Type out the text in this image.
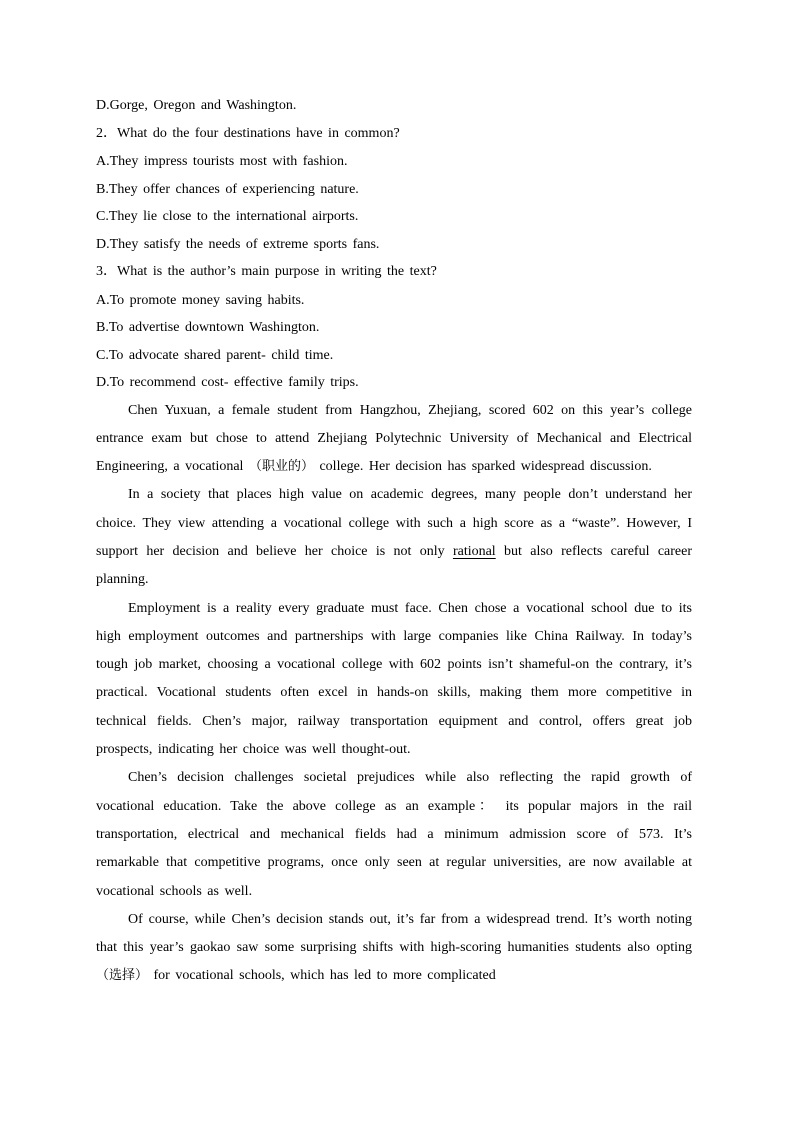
D.Gorge, Oregon and Washington.
2．What do the four destinations have in common?
A.They impress tourists most with fashion.
B.They offer chances of experiencing nature.
C.They lie close to the international airports.
D.They satisfy the needs of extreme sports fans.
3．What is the author’s main purpose in writing the text?
A.To promote money saving habits.
B.To advertise downtown Washington.
C.To advocate shared parent- child time.
D.To recommend cost- effective family trips.

Chen Yuxuan, a female student from Hangzhou, Zhejiang, scored 602 on this year’s college entrance exam but chose to attend Zhejiang Polytechnic University of Mechanical and Electrical Engineering, a vocational （职业的） college. Her decision has sparked widespread discussion.

In a society that places high value on academic degrees, many people don’t understand her choice. They view attending a vocational college with such a high score as a “waste”. However, I support her decision and believe her choice is not only rational but also reflects careful career planning.

Employment is a reality every graduate must face. Chen chose a vocational school due to its high employment outcomes and partnerships with large companies like China Railway. In today’s tough job market, choosing a vocational college with 602 points isn’t shameful-on the contrary, it’s practical. Vocational students often excel in hands-on skills, making them more competitive in technical fields. Chen’s major, railway transportation equipment and control, offers great job prospects, indicating her choice was well thought-out.

Chen’s decision challenges societal prejudices while also reflecting the rapid growth of vocational education. Take the above college as an example： its popular majors in the rail transportation, electrical and mechanical fields had a minimum admission score of 573. It’s remarkable that competitive programs, once only seen at regular universities, are now available at vocational schools as well.

Of course, while Chen’s decision stands out, it’s far from a widespread trend. It’s worth noting that this year’s gaokao saw some surprising shifts with high-scoring humanities students also opting （选择） for vocational schools, which has led to more complicated
